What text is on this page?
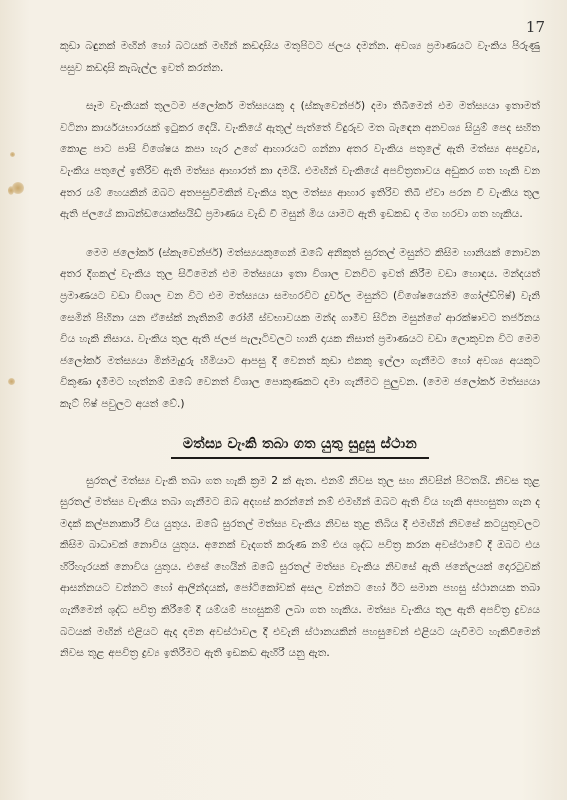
17

කුඩා බඳුනක් මඟින් හෝ බටයක් මඟින් කඩදාසිය මතුපිටට ජලය දමන්න. අවශ්‍ය ප්‍රමාණයට වැංකිය පිරුණු පසුව කඩදාසි කැබැල්ල ඉවත් කරන්න.

සෑම වැංකියක් තුලටම ජලෝකර් මත්ස්‍යයකු ද (ස්කැවෙන්ජර්) දමා තිබීමෙන් එම මත්ස්‍යයා ඉතාමත් වටිනා කාර්යයභාරයක් ඉටුකර දෙයි. වැංකියේ ඇතුල් පැත්තේ විදුරුව මත බැඳෙන අනවශ්‍ය සියුම් පෙද සහිත කොළ පාට පාසි විශේෂය කපා හැර උගේ ආහාරයට ගන්නා අතර වැංකිය පතුලේ ඇති මත්ස්‍ය අපද්‍රව්‍ය, වැංකිය පතුලේ ඉතිරිව ඇති මත්ස්‍ය ආහාරත් කා දමයි. එමඟින් වැංකියේ අපවිත්‍රතාවය අඩුකර ගත හැකි වන අතර යම් හෙයකින් ඔබට අතපසුවීමකින් වැංකිය තුල මත්ස්‍ය ආහාර ඉතිරිව තිබී ඒවා පරන වී වැංකිය තුල ඇති ජලයේ කාබන්ඩයොක්සයිඩ් ප්‍රමාණය වැඩි වී මසුන් මිය යාමට ඇති ඉඩකඩ ද මග හරවා ගත හැකිය.

මෙම ජලෝකර් (ස්කැවෙන්ජර්) මත්ස්‍යයකුගෙන් ඔබේ අනිකුත් සුරතල් මසුන්ට කිසිම හානියක් නොවන අතර දිගකල් වැංකිය තුල සිටීමෙන් එම මත්ස්‍යයා ඉතා විශාල වනවිට ඉවත් කිරීම වඩා හොඳය. මන්දයත් ප්‍රමාණයට වඩා විශාල වන විට එම මත්ස්‍යයා සමහරවිට දුර්වල මසුන්ට (විශේෂයෙන්ම ගෝල්ඩ්ෆිෂ්) වැනි සෙමින් පිහිනා යන ඒසේක් නැතිනම් රෝගී ස්වභාවයක මන්ද ගාමීව සිටින මසුන්ගේ ආරක්ෂාවට තර්ජනය විය හැකි නිසාය. වැංකිය තුල ඇති ජලජ පැලෑටිවලට හානි දායක නිසාත් ප්‍රමාණයට වඩා ලොකුවන විට මෙම ජලෝකර් මත්ස්‍යයා මින්මැදුරු හිමියාට ආපසු දී වෙනත් කුඩා එකකු ඉල්ලා ගැනීමට හෝ අවශ්‍ය අයකුට විකුණා දැමීමට හැත්නම් ඔබේ වෙනත් විශාල පොකුණකට දමා ගැනීමට පුලුවන. (මෙම ජලෝකර් මත්ස්‍යයා කැට් ෆිෂ් පවුලට අයත් වේ.)

මත්ස්‍ය වැංකි තබා ගත යුතු සුදුසු ස්ථාන

සුරතල් මත්ස්‍ය වැංකි තබා ගත හැකි ක්‍රම 2 ක් ඇත. එනම් නිවස තුල සහ නිවසින් පිටතයි. නිවස තුළ සුරතල් මත්ස්‍ය වැංකිය තබා ගැනීමට ඔබ අදහස් කරන්නේ නම් එමඟින් ඔබට ඇති විය හැකි අපහසුතා ගැන ද මදක් කල්පනාකාරී විය යුතුය. ඔබේ සුරතල් මත්ස්‍ය වැංකිය නිවස තුළ තිබිය දී එමඟින් නිවසේ කටයුතුවලට කිසිම බාධාවක් නොවිය යුතුය. අනෙක් වැදගත් කරුණ නම් එය ශුද්ධ පවිත්‍ර කරන අවස්ථාවේ දී ඔබට එය හිරිහැරයක් නොවිය යුතුය. එසේ හෙයින් ඔබේ සුරතල් මත්ස්‍ය වැංකිය නිවසේ ඇති ජනේලයක් දොරටුවක් ආසන්නයට වන්නට හෝ ආලින්දයක්, පෝටිකෝවක් අසල වන්නට හෝ ඊට සමාන පහසු ස්ථානයක තබා ගැනීමෙන් ශුද්ධ පවිත්‍ර කිරීමේ දී යම්යම් පහසුකම් ලබා ගත හැකිය. මත්ස්‍ය වැංකිය තුල ඇති අපවිත්‍ර ද්‍රව්‍යය බටයක් මඟින් එළියට ඇද දමන අවස්ථාවල දී එවැනි ස්ථානයකින් පහසුවෙන් එළියට යැවීමට හැකිවීමෙන් නිවස තුළ අපවිත්‍ර ද්‍රව්‍ය ඉතිරීමට ඇති ඉඩකඩ ඇහිරී යනු ඇත.
